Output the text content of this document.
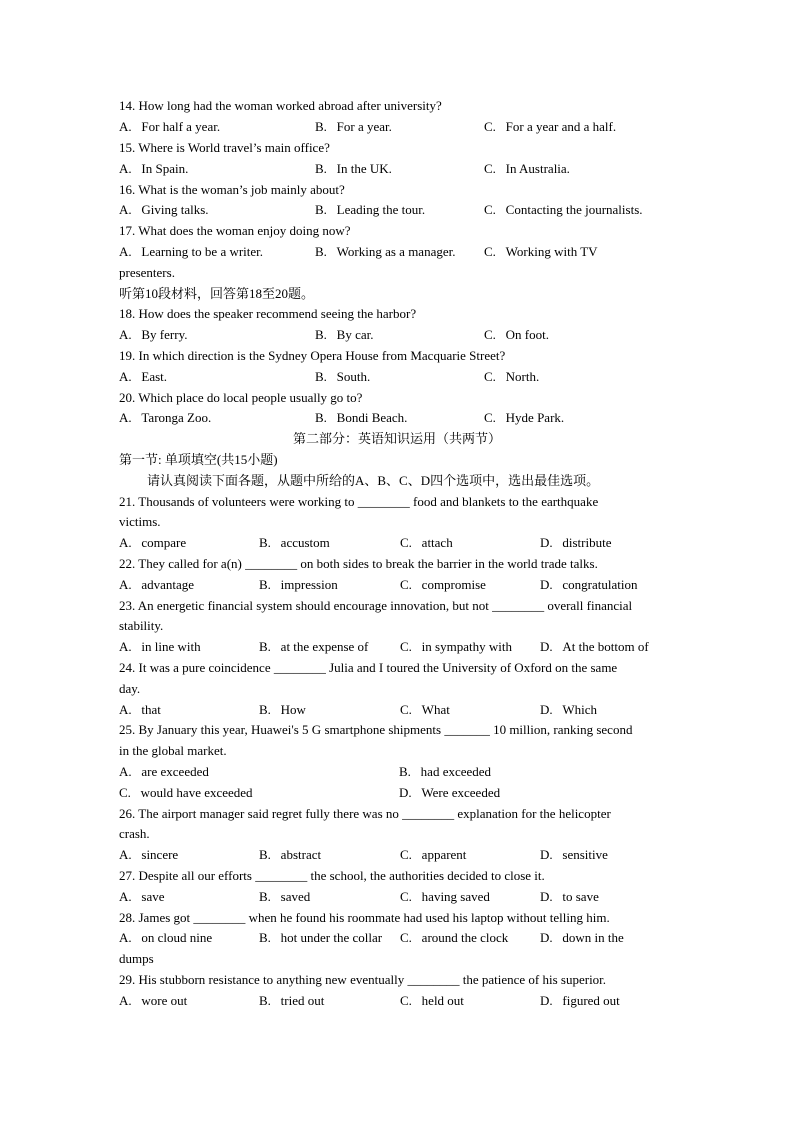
14. How long had the woman worked abroad after university?
A.   For half a year.	B.   For a year.	C.   For a year and a half.
15. Where is World travel’s main office?
A.   In Spain.	B.   In the UK.	C.   In Australia.
16. What is the woman’s job mainly about?
A.   Giving talks.	B.   Leading the tour.	C.   Contacting the journalists.
17. What does the woman enjoy doing now?
A.   Learning to be a writer.	B.   Working as a manager. C.   Working with TV
presenters.
听第10段材料，回答第18至20题。
18. How does the speaker recommend seeing the harbor?
A.   By ferry.	B.   By car.	C.   On foot.
19. In which direction is the Sydney Opera House from Macquarie Street?
A.   East.	B.   South.	C.   North.
20. Which place do local people usually go to?
A.   Taronga Zoo.	B.   Bondi Beach.	C.   Hyde Park.
第二部分：英语知识运用（共两节）
第一节: 单项填空(共15小题)
请认真阅读下面各题，从题中所给的A、B、C、D四个选项中，选出最佳选项。
21. Thousands of volunteers were working to ________ food and blankets to the earthquake
victims.
A.   compare	B.   accustom	C.   attach	D.   distribute
22. They called for a(n) ________ on both sides to break the barrier in the world trade talks.
A.   advantage	B.   impression	C.   compromise	D.   congratulation
23. An energetic financial system should encourage innovation, but not ________ overall financial
stability.
A.   in line with	B.   at the expense of C.   in sympathy with D.   At the bottom of
24. It was a pure coincidence ________ Julia and I toured the University of Oxford on the same
day.
A.   that	B.   How	C.   What	D.   Which
25. By January this year, Huawei's 5 G smartphone shipments _______ 10 million, ranking second
in the global market.
A.   are exceeded	B.   had exceeded
C.   would have exceeded	D.   Were exceeded
26. The airport manager said regret fully there was no ________ explanation for the helicopter
crash.
A.   sincere	B.   abstract	C.   apparent	D.   sensitive
27. Despite all our efforts ________ the school, the authorities decided to close it.
A.   save	B.   saved	C.   having saved	D.   to save
28. James got ________ when he found his roommate had used his laptop without telling him.
A.   on cloud nine	B.   hot under the collar C.   around the clock D.   down in the
dumps
29. His stubborn resistance to anything new eventually ________ the patience of his superior.
A.   wore out	B.   tried out	C.   held out	D.   figured out
